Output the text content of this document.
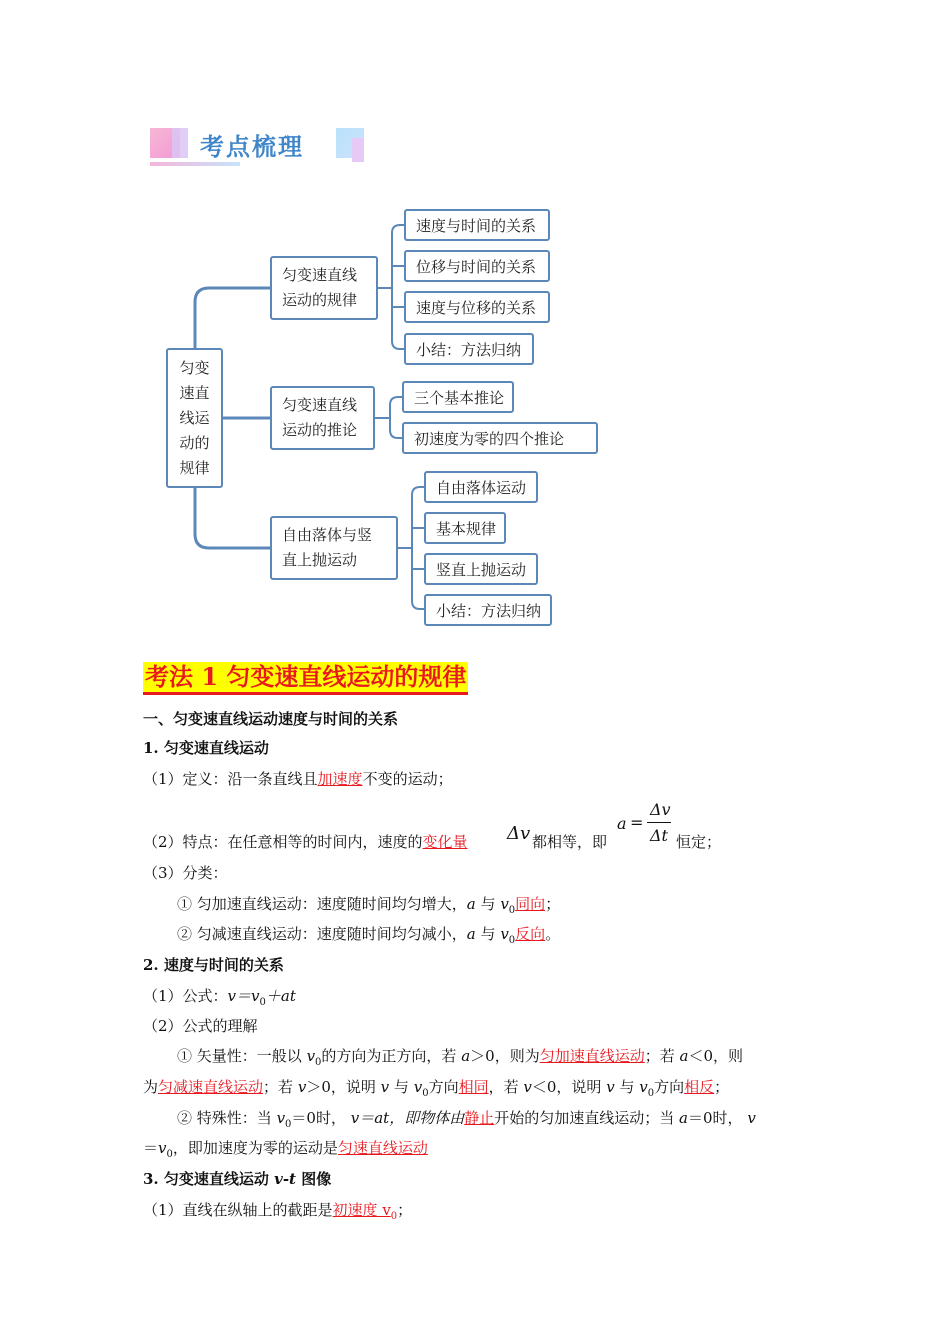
考点梳理
匀变速直线运动的规律
匀变速直线运动的规律
匀变速直线运动的推论
自由落体与竖直上抛运动
速度与时间的关系
位移与时间的关系
速度与位移的关系
小结：方法归纳
三个基本推论
初速度为零的四个推论
自由落体运动
基本规律
竖直上抛运动
小结：方法归纳
考法 1 匀变速直线运动的规律
一、匀变速直线运动速度与时间的关系
1. 匀变速直线运动
（1）定义：沿一条直线且加速度不变的运动；
（2）特点：在任意相等的时间内，速度的变化量 Δv 都相等，即
a =
Δv
Δt 恒定；
（3）分类：
① 匀加速直线运动：速度随时间均匀增大，a 与 $v_0$同向；
② 匀减速直线运动：速度随时间均匀减小，a 与 $v_0$反向。
2. 速度与时间的关系
（1）公式：$v=v_0+at$
（2）公式的理解
① 矢量性：一般以 $v_0$的方向为正方向，若 a＞0，则为匀加速直线运动；若 a＜0，则
为匀减速直线运动；若 v＞0，说明 v 与 $v_0$方向相同，若 v＜0，说明 v 与 $v_0$方向相反；
② 特殊性：当 $v_0=0$时， v＝at，即物体由静止开始的匀加速直线运动；当 a＝0时， v
$=v_0$，即加速度为零的运动是匀速直线运动
3. 匀变速直线运动 v-t 图像
（1）直线在纵轴上的截距是初速度 $v_0$；
